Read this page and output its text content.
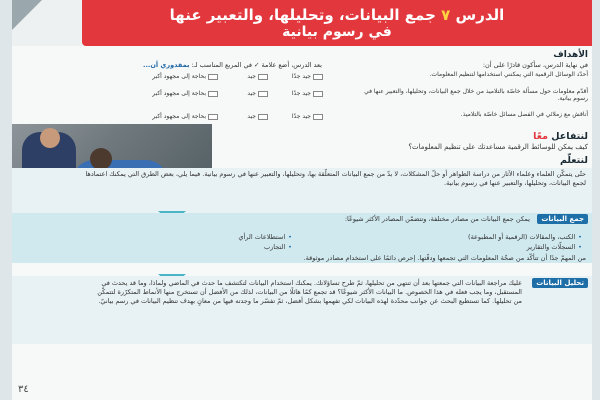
الدرس ٧ جمع البيانات، وتحليلها، والتعبير عنها
في رسوم بيانية
الأهداف
في نهاية الدرس، سأكون قادرًا على أن:
بعد الدرس، أضع علامة ✓ في المربع المناسب لـ: بمقدوري أن...
أحدّد الوسائل الرقمية التي يمكنني استخدامها لتنظيم المعلومات.
جيد جدًا
جيد
بحاجة إلى مجهود أكبر
أقدّم معلومات حول مسألة خاصّة بالتلاميذ من خلال جمع البيانات، وتحليلها، والتعبير عنها في رسوم بيانية.
جيد جدًا
جيد
بحاجة إلى مجهود أكبر
أناقش مع زملائي في الفصل مسائل خاصّة بالتلاميذ.
جيد جدًا
جيد
بحاجة إلى مجهود أكبر
لنتفاعل معًا
كيف يمكن للوسائط الرقمية مساعدتك على تنظيم المعلومات؟
لنتعلّم
حتّى يتمكّن العلماء وعلماء الآثار من دراسة الظواهر أو حلّ المشكلات، لا بدّ من جمع البيانات المتعلّقة بها، وتحليلها، والتعبير عنها في رسوم بيانية. فيما يلي، بعض الطرق التي يمكنك اعتمادها لجمع البيانات، وتحليلها، والتعبير عنها في رسوم بيانية.
جمع البيانات
يمكن جمع البيانات من مصادر مختلفة، وتتضمّن المصادر الأكثر شيوعًا:
• الكتب، والمقالات (الرقمية أو المطبوعة)
• استطلاعات الرأي
• السجلّات والتقارير
• التجارب
من المهمّ جدًا أن تتأكّد من صحّة المعلومات التي تجمعها ودقّتها. إحرص دائمًا على استخدام مصادر موثوقة.
تحليل البيانات
عليك مراجعة البيانات التي جمعتها بعد أن تنتهي من تحليلها، ثمّ طرح تساؤلاتك. يمكنك استخدام البيانات لتكتشف ما حدث في الماضي ولماذا، وما قد يحدث في المستقبل، وما يجب فعله في هذا الخصوص. ما البيانات الأكثر شيوعًا؟ قد تجمع كمًا هائلًا من البيانات، لذلك من الأفضل أن تستخرج منها الأنماط المتكرّرة لتتمكّن من تحليلها. كما تستطيع البحث عن جوانب محدّدة لهذه البيانات لكي تفهمها بشكل أفضل، ثمّ تفسّر ما وجدته فيها من معانٍ بهدف تنظيم البيانات في رسم بيانيّ.
٣٤
